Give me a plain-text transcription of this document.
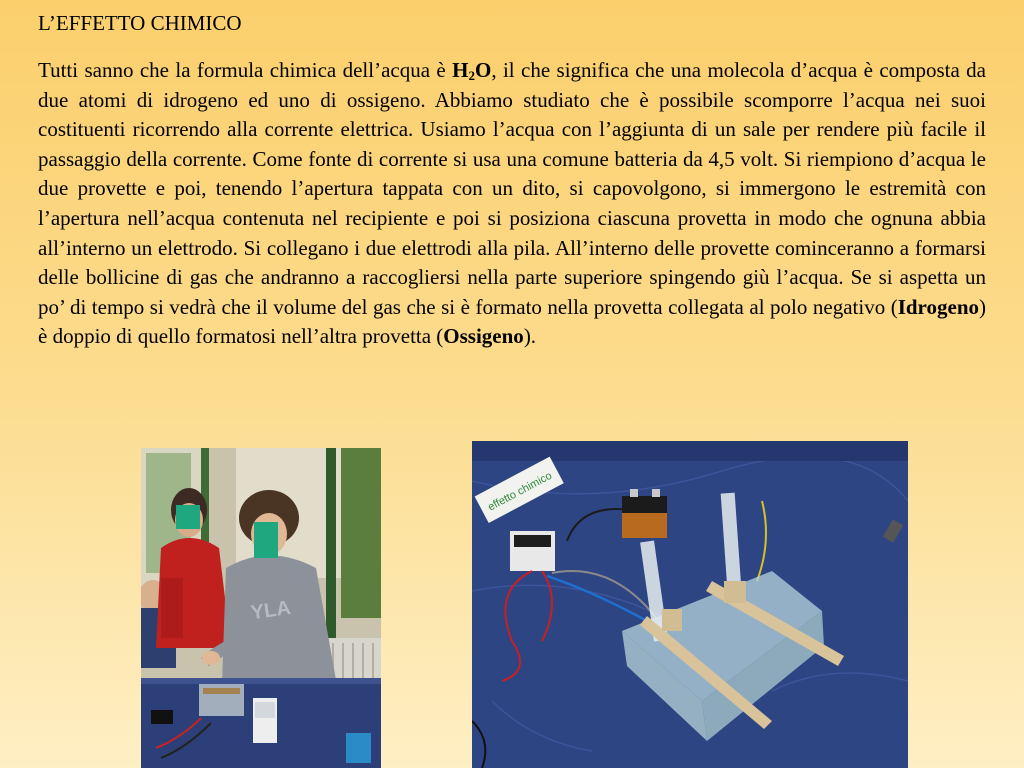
L’EFFETTO CHIMICO

Tutti sanno che la formula chimica dell’acqua è $H_2O$, il che significa che una molecola d’acqua è composta da due atomi di idrogeno ed uno di ossigeno. Abbiamo studiato che è possibile scomporre l’acqua nei suoi costituenti ricorrendo alla corrente elettrica. Usiamo l’acqua con l’aggiunta di un sale per rendere più facile il passaggio della corrente. Come fonte di corrente si usa una comune batteria da 4,5 volt. Si riempiono d’acqua le due provette e poi, tenendo l’apertura tappata con un dito, si capovolgono, si immergono le estremità con l’apertura nell’acqua contenuta nel recipiente e poi si posiziona ciascuna provetta in modo che ognuna abbia all’interno un elettrodo. Si collegano i due elettrodi alla pila. All’interno delle provette cominceranno a formarsi delle bollicine di gas che andranno a raccogliersi nella parte superiore spingendo giù l’acqua. Se si aspetta un po’ di tempo si vedrà che il volume del gas che si è formato nella provetta collegata al polo negativo (Idrogeno) è doppio di quello formatosi nell’altra provetta (Ossigeno).

YLA
effetto chimico
